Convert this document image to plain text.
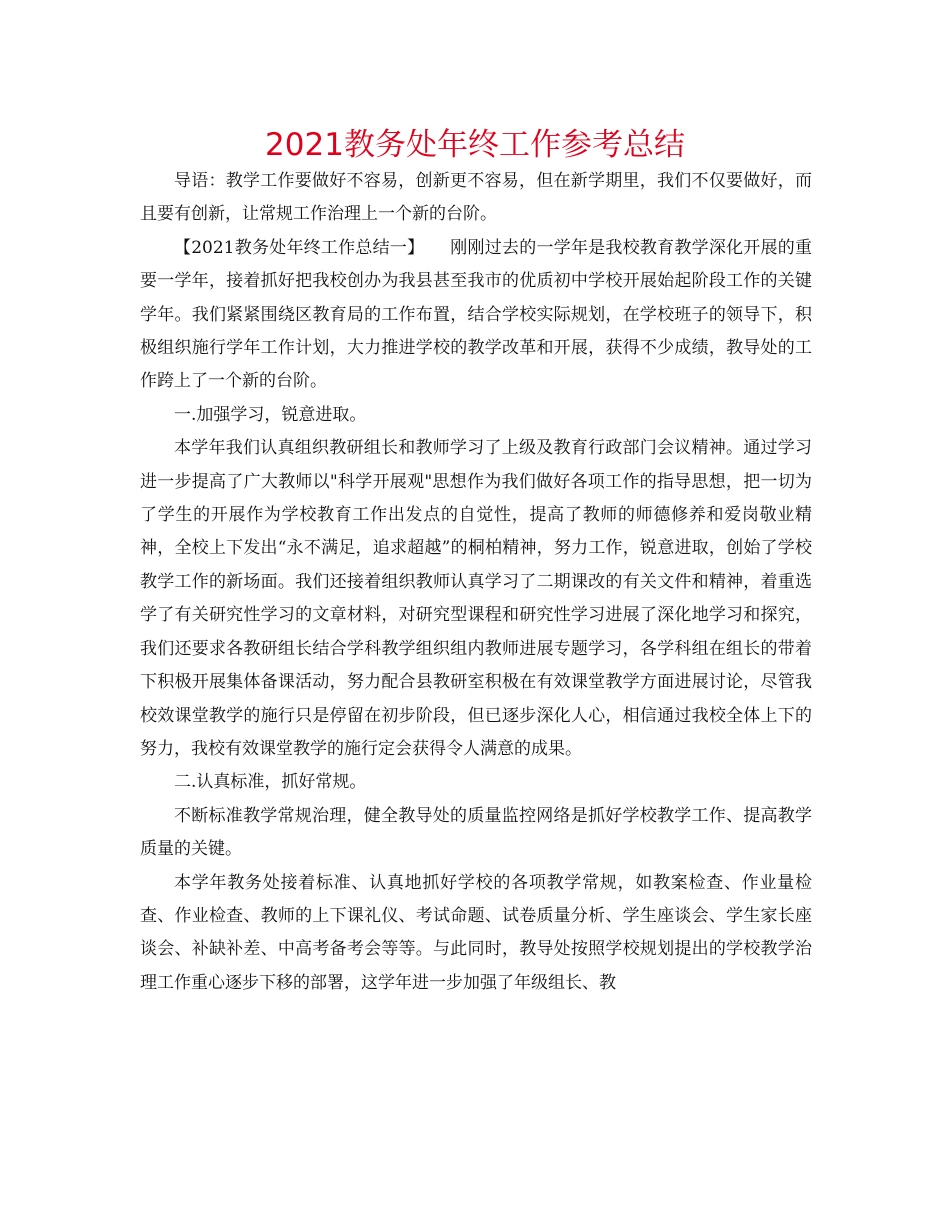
2021教务处年终工作参考总结

导语：教学工作要做好不容易，创新更不容易，但在新学期里，我们不仅要做好，而且要有创新，让常规工作治理上一个新的台阶。

【2021教务处年终工作总结一】　　刚刚过去的一学年是我校教育教学深化开展的重要一学年，接着抓好把我校创办为我县甚至我市的优质初中学校开展始起阶段工作的关键学年。我们紧紧围绕区教育局的工作布置，结合学校实际规划，在学校班子的领导下，积极组织施行学年工作计划，大力推进学校的教学改革和开展，获得不少成绩，教导处的工作跨上了一个新的台阶。

一.加强学习，锐意进取。

本学年我们认真组织教研组长和教师学习了上级及教育行政部门会议精神。通过学习进一步提高了广大教师以"科学开展观"思想作为我们做好各项工作的指导思想，把一切为了学生的开展作为学校教育工作出发点的自觉性，提高了教师的师德修养和爱岗敬业精神，全校上下发出“永不满足，追求超越”的桐柏精神，努力工作，锐意进取，创始了学校教学工作的新场面。我们还接着组织教师认真学习了二期课改的有关文件和精神，着重选学了有关研究性学习的文章材料，对研究型课程和研究性学习进展了深化地学习和探究，我们还要求各教研组长结合学科教学组织组内教师进展专题学习，各学科组在组长的带着下积极开展集体备课活动，努力配合县教研室积极在有效课堂教学方面进展讨论，尽管我校效课堂教学的施行只是停留在初步阶段，但已逐步深化人心，相信通过我校全体上下的努力，我校有效课堂教学的施行定会获得令人满意的成果。

二.认真标准，抓好常规。

不断标准教学常规治理，健全教导处的质量监控网络是抓好学校教学工作、提高教学质量的关键。

本学年教务处接着标准、认真地抓好学校的各项教学常规，如教案检查、作业量检查、作业检查、教师的上下课礼仪、考试命题、试卷质量分析、学生座谈会、学生家长座谈会、补缺补差、中高考备考会等等。与此同时，教导处按照学校规划提出的学校教学治理工作重心逐步下移的部署，这学年进一步加强了年级组长、教
